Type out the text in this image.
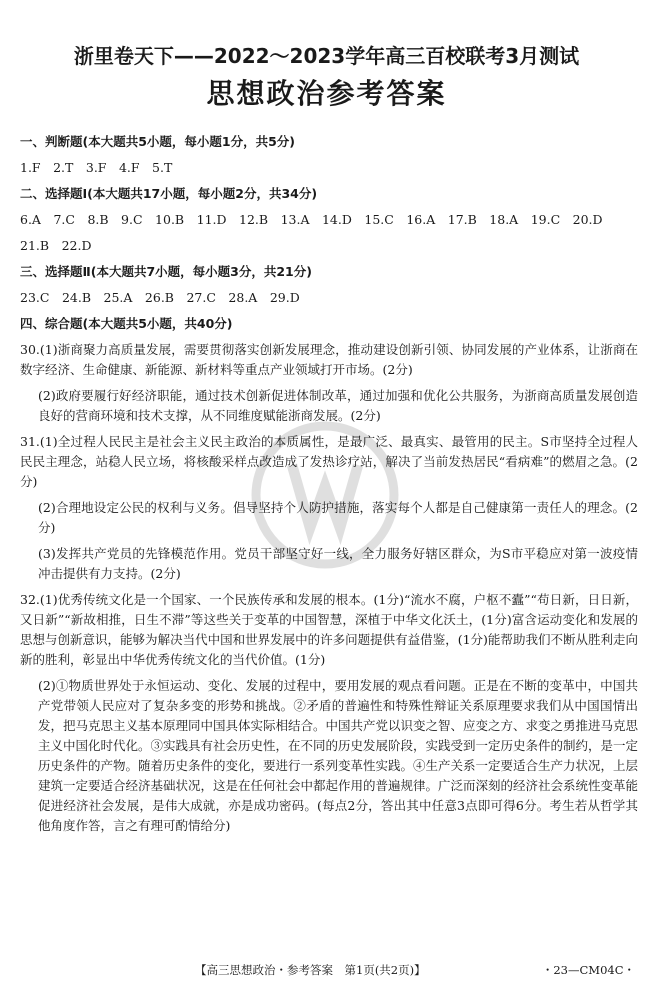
浙里卷天下——2022～2023学年高三百校联考3月测试
思想政治参考答案
一、判断题(本大题共5小题，每小题1分，共5分)
1.F　2.T　3.F　4.F　5.T
二、选择题Ⅰ(本大题共17小题，每小题2分，共34分)
6.A　7.C　8.B　9.C　10.B　11.D　12.B　13.A　14.D　15.C　16.A　17.B　18.A　19.C　20.D
21.B　22.D
三、选择题Ⅱ(本大题共7小题，每小题3分，共21分)
23.C　24.B　25.A　26.B　27.C　28.A　29.D
四、综合题(本大题共5小题，共40分)
30.(1)浙商聚力高质量发展，需要贯彻落实创新发展理念，推动建设创新引领、协同发展的产业体系，让浙商在数字经济、生命健康、新能源、新材料等重点产业领域打开市场。(2分)
(2)政府要履行好经济职能，通过技术创新促进体制改革，通过加强和优化公共服务，为浙商高质量发展创造良好的营商环境和技术支撑，从不同维度赋能浙商发展。(2分)
31.(1)全过程人民民主是社会主义民主政治的本质属性，是最广泛、最真实、最管用的民主。S市坚持全过程人民民主理念，站稳人民立场，将核酸采样点改造成了发热诊疗站，解决了当前发热居民“看病难”的燃眉之急。(2分)
(2)合理地设定公民的权利与义务。倡导坚持个人防护措施，落实每个人都是自己健康第一责任人的理念。(2分)
(3)发挥共产党员的先锋模范作用。党员干部坚守好一线，全力服务好辖区群众，为S市平稳应对第一波疫情冲击提供有力支持。(2分)
32.(1)优秀传统文化是一个国家、一个民族传承和发展的根本。(1分)“流水不腐，户枢不蠹”“苟日新，日日新，又日新”“新故相推，日生不滞”等这些关于变革的中国智慧，深植于中华文化沃土，(1分)富含运动变化和发展的思想与创新意识，能够为解决当代中国和世界发展中的许多问题提供有益借鉴，(1分)能帮助我们不断从胜利走向新的胜利，彰显出中华优秀传统文化的当代价值。(1分)
(2)①物质世界处于永恒运动、变化、发展的过程中，要用发展的观点看问题。正是在不断的变革中，中国共产党带领人民应对了复杂多变的形势和挑战。②矛盾的普遍性和特殊性辩证关系原理要求我们从中国国情出发，把马克思主义基本原理同中国具体实际相结合。中国共产党以识变之智、应变之方、求变之勇推进马克思主义中国化时代化。③实践具有社会历史性，在不同的历史发展阶段，实践受到一定历史条件的制约，是一定历史条件的产物。随着历史条件的变化，要进行一系列变革性实践。④生产关系一定要适合生产力状况，上层建筑一定要适合经济基础状况，这是在任何社会中都起作用的普遍规律。广泛而深刻的经济社会系统性变革能促进经济社会发展，是伟大成就，亦是成功密码。(每点2分，答出其中任意3点即可得6分。考生若从哲学其他角度作答，言之有理可酌情给分)
【高三思想政治・参考答案　第1页(共2页)】	・23—CM04C・
